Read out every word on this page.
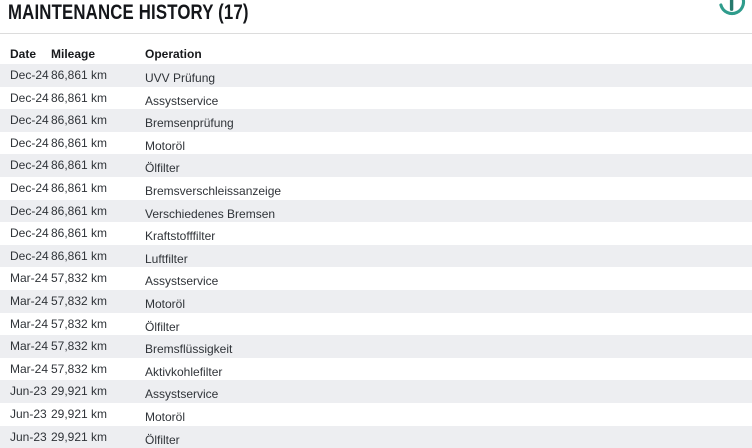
MAINTENANCE HISTORY (17)
Date	Mileage	Operation
Dec-24 86,861 km	UVV Prüfung
Dec-24 86,861 km	Assystservice
Dec-24 86,861 km	Bremsenprüfung
Dec-24 86,861 km	Motoröl
Dec-24 86,861 km	Ölfilter
Dec-24 86,861 km	Bremsverschleissanzeige
Dec-24 86,861 km	Verschiedenes Bremsen
Dec-24 86,861 km	Kraftstofffilter
Dec-24 86,861 km	Luftfilter
Mar-24 57,832 km	Assystservice
Mar-24 57,832 km	Motoröl
Mar-24 57,832 km	Ölfilter
Mar-24 57,832 km	Bremsflüssigkeit
Mar-24 57,832 km	Aktivkohlefilter
Jun-23 29,921 km	Assystservice
Jun-23 29,921 km	Motoröl
Jun-23 29,921 km	Ölfilter
